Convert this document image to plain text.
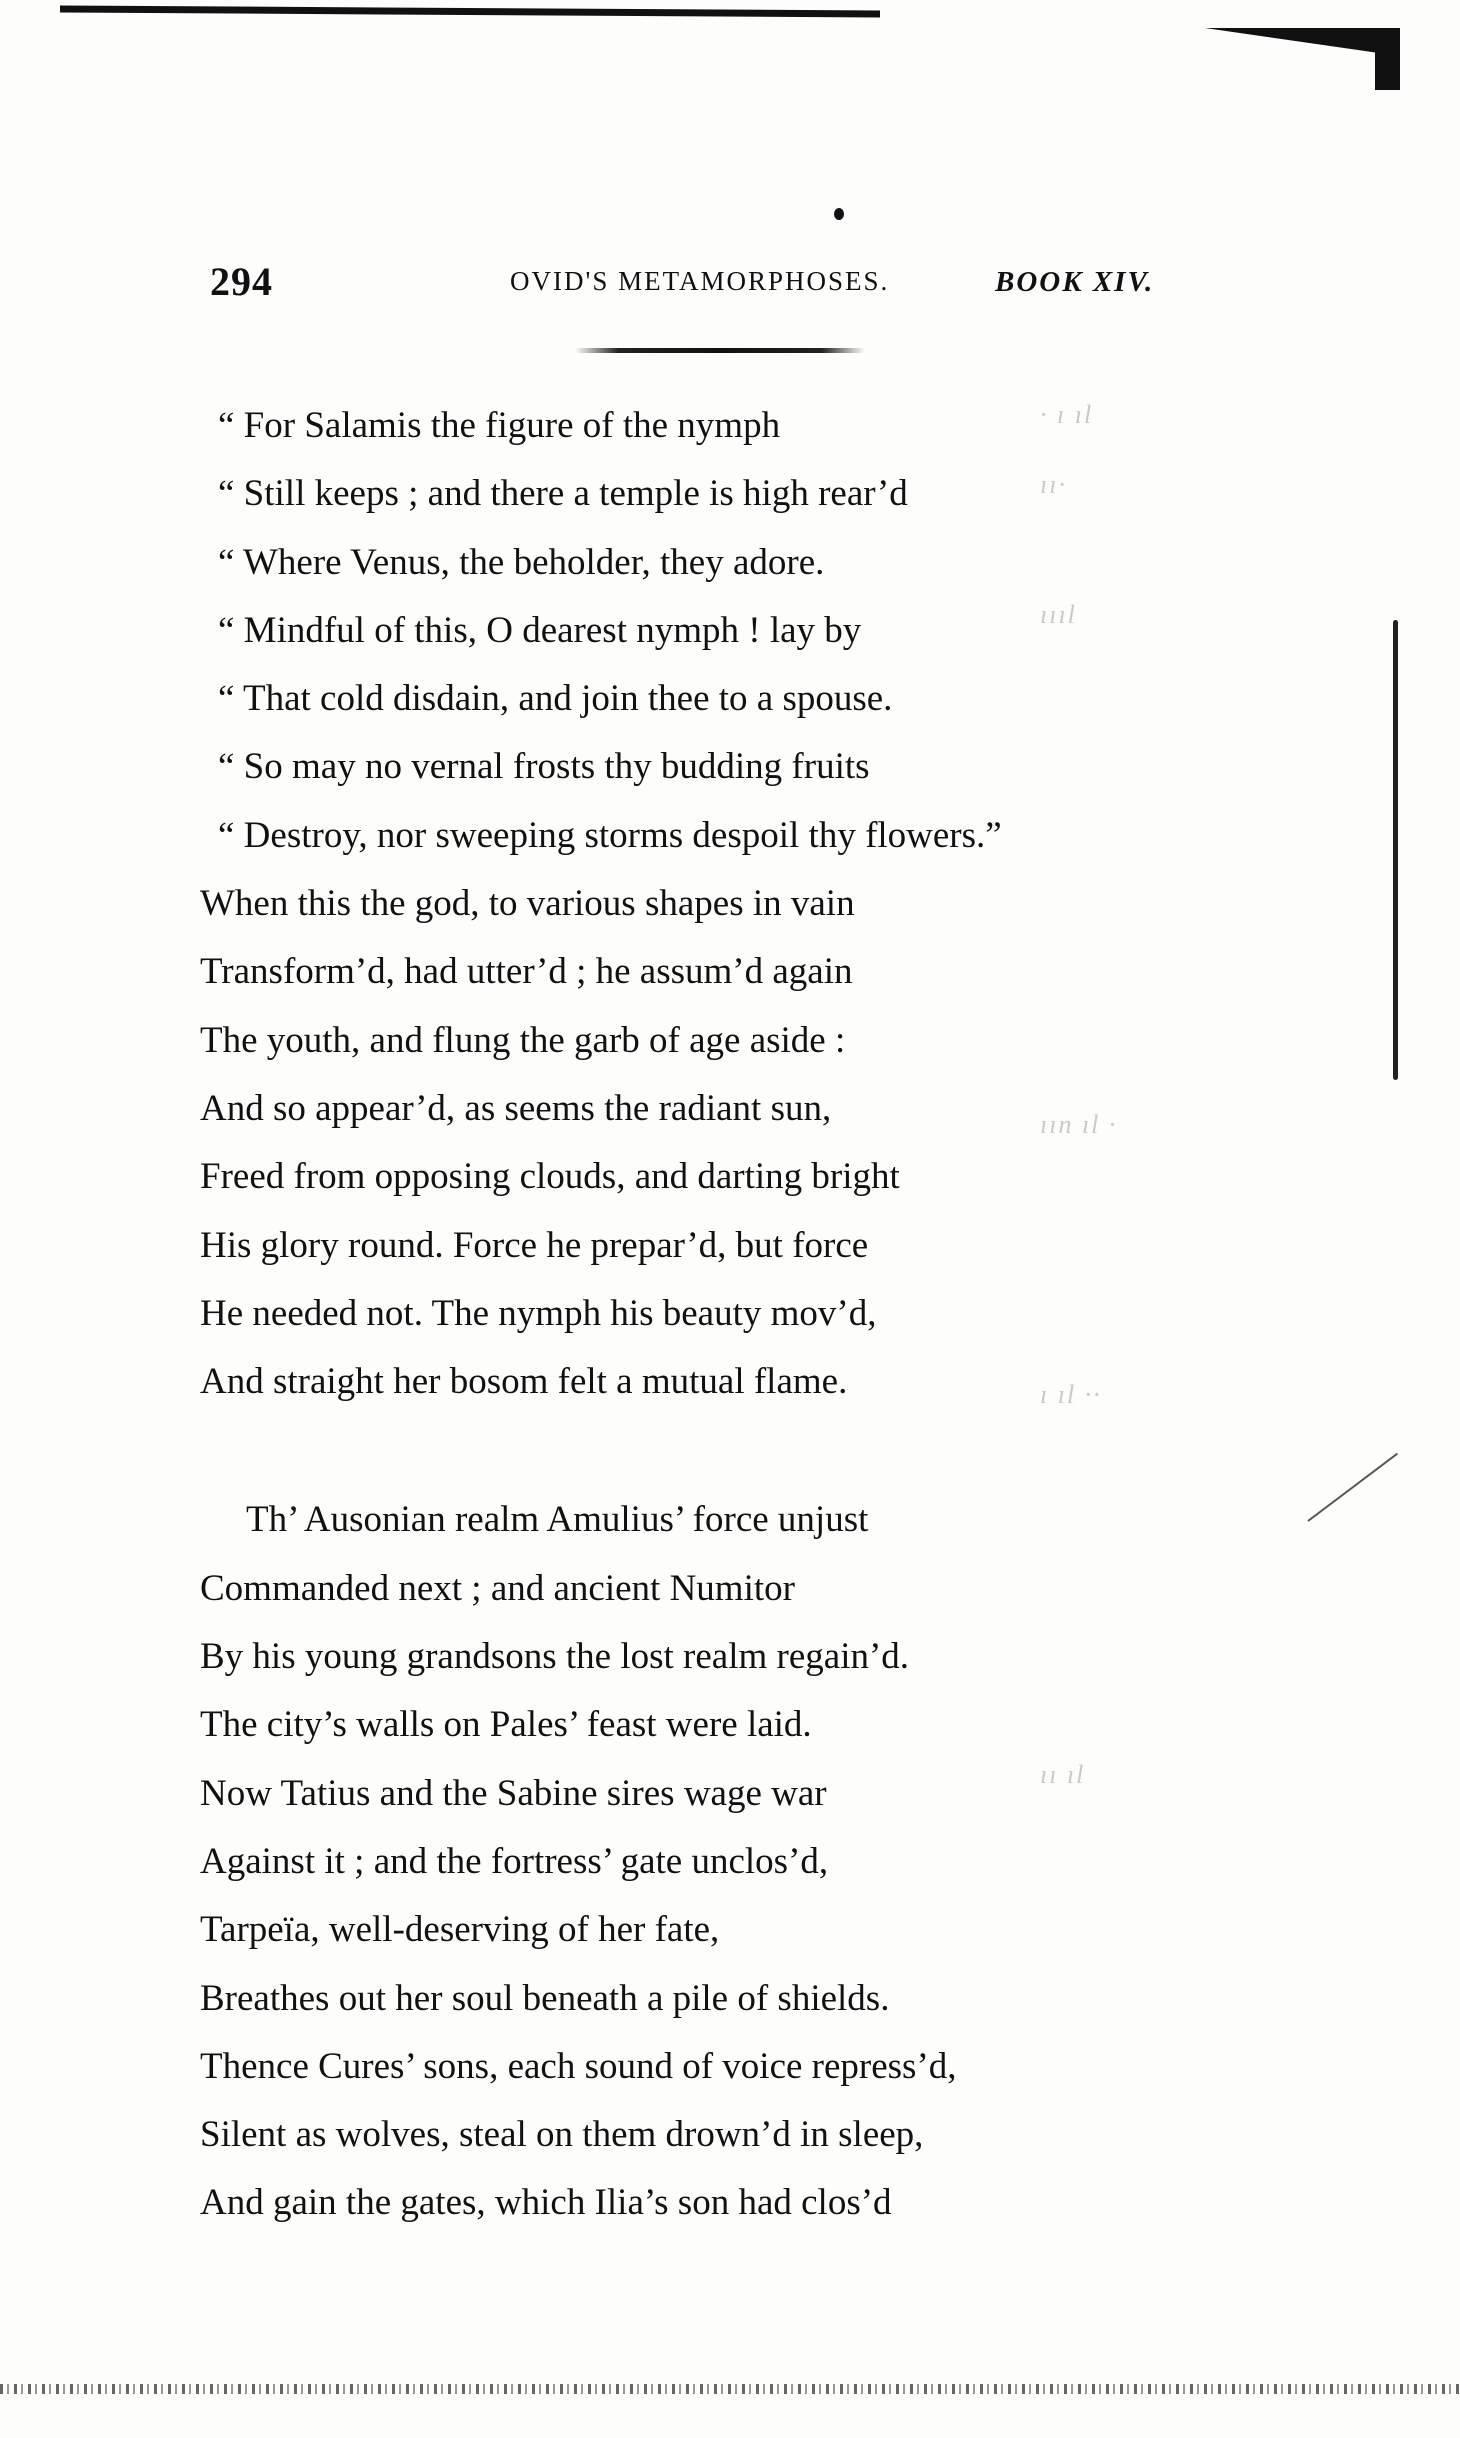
294	OVID'S METAMORPHOSES.	BOOK XIV.
· ı ıl
ıı·
ıııl
ıın ıl ·
ı ıl ··
ıı ıl
“ For Salamis the figure of the nymph
“ Still keeps ; and there a temple is high rear’d
“ Where Venus, the beholder, they adore.
“ Mindful of this, O dearest nymph ! lay by
“ That cold disdain, and join thee to a spouse.
“ So may no vernal frosts thy budding fruits
“ Destroy, nor sweeping storms despoil thy flowers.”
When this the god, to various shapes in vain
Transform’d, had utter’d ; he assum’d again
The youth, and flung the garb of age aside :
And so appear’d, as seems the radiant sun,
Freed from opposing clouds, and darting bright
His glory round. Force he prepar’d, but force
He needed not. The nymph his beauty mov’d,
And straight her bosom felt a mutual flame.
Th’ Ausonian realm Amulius’ force unjust
Commanded next ; and ancient Numitor
By his young grandsons the lost realm regain’d.
The city’s walls on Pales’ feast were laid.
Now Tatius and the Sabine sires wage war
Against it ; and the fortress’ gate unclos’d,
Tarpeïa, well-deserving of her fate,
Breathes out her soul beneath a pile of shields.
Thence Cures’ sons, each sound of voice repress’d,
Silent as wolves, steal on them drown’d in sleep,
And gain the gates, which Ilia’s son had clos’d
